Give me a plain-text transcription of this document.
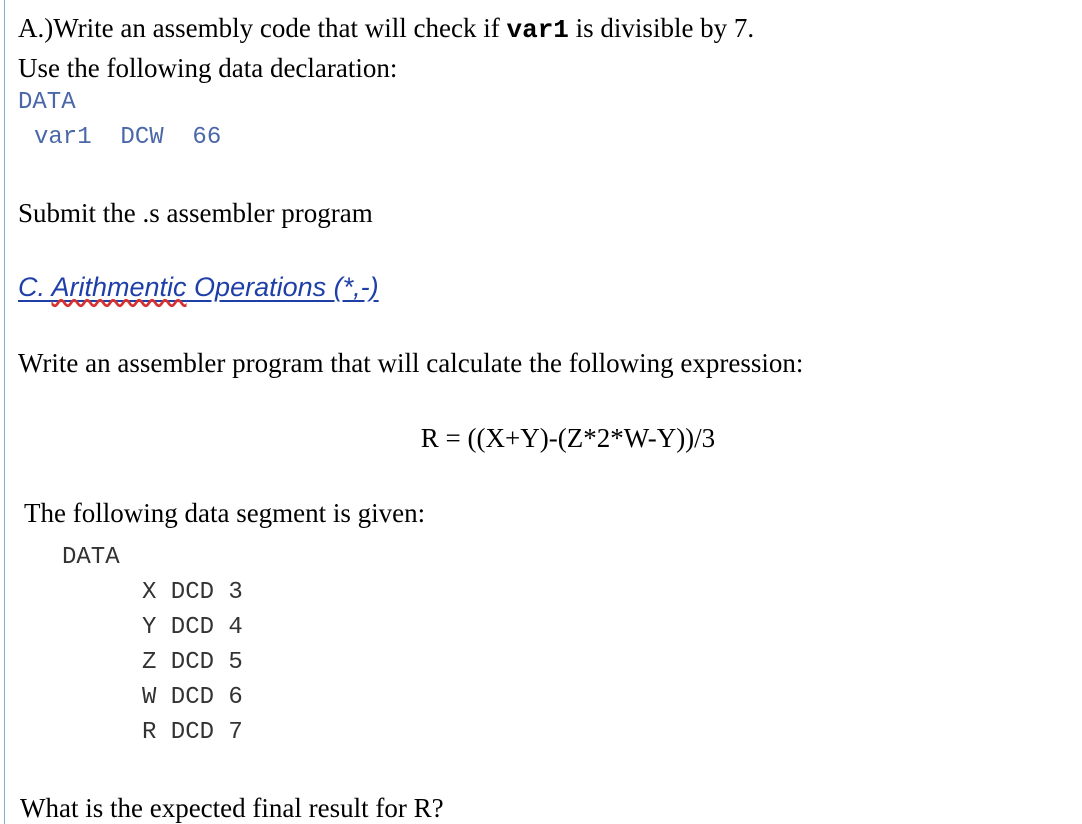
A.)Write an assembly code that will check if var1 is divisible by 7.
Use the following data declaration:
DATA
var1  DCW  66
Submit the .s assembler program
C. Arithmentic Operations (*,-)
Write an assembler program that will calculate the following expression:
R = ((X+Y)-(Z*2*W-Y))/3
The following data segment is given:
DATA
X DCD 3
Y DCD 4
Z DCD 5
W DCD 6
R DCD 7
What is the expected final result for R?
